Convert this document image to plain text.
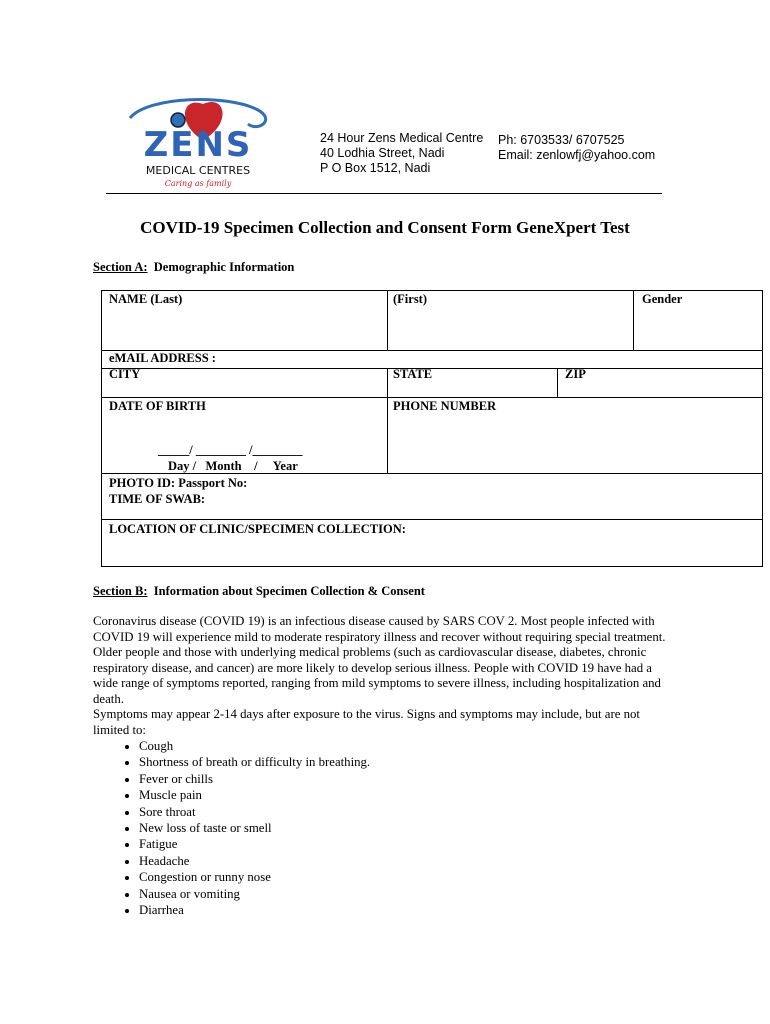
ZENS
MEDICAL CENTRES
Caring as family
24 Hour Zens Medical Centre
40 Lodhia Street, Nadi
P O Box 1512, Nadi
Ph: 6703533/ 6707525
Email: zenlowfj@yahoo.com
COVID-19 Specimen Collection and Consent Form GeneXpert Test
Section A: Demographic Information
NAME (Last)	(First)	Gender
eMAIL ADDRESS :
CITY	STATE	ZIP
DATE OF BIRTH	PHONE NUMBER
_____/ ________ /________
Day /   Month    /     Year
PHOTO ID: Passport No:
TIME OF SWAB:
LOCATION OF CLINIC/SPECIMEN COLLECTION:
Section B: Information about Specimen Collection & Consent

Coronavirus disease (COVID 19) is an infectious disease caused by SARS COV 2. Most people infected with COVID 19 will experience mild to moderate respiratory illness and recover without requiring special treatment. Older people and those with underlying medical problems (such as cardiovascular disease, diabetes, chronic respiratory disease, and cancer) are more likely to develop serious illness. People with COVID 19 have had a wide range of symptoms reported, ranging from mild symptoms to severe illness, including hospitalization and death.

Symptoms may appear 2-14 days after exposure to the virus. Signs and symptoms may include, but are not limited to:

• Cough
• Shortness of breath or difficulty in breathing.
• Fever or chills
• Muscle pain
• Sore throat
• New loss of taste or smell
• Fatigue
• Headache
• Congestion or runny nose
• Nausea or vomiting
• Diarrhea
